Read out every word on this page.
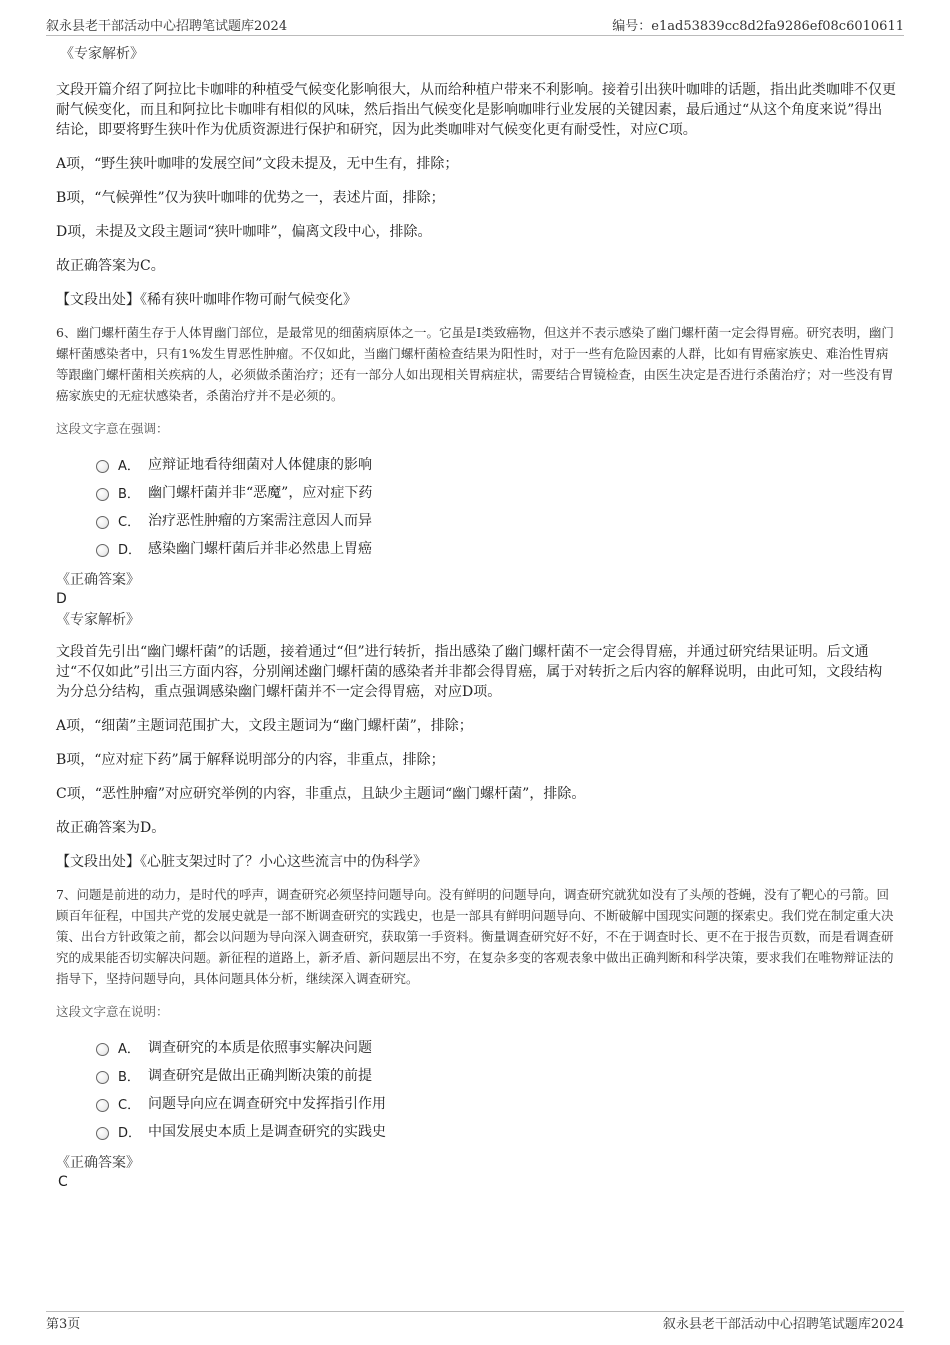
叙永县老干部活动中心招聘笔试题库2024	编号：e1ad53839cc8d2fa9286ef08c6010611
《专家解析》
文段开篇介绍了阿拉比卡咖啡的种植受气候变化影响很大，从而给种植户带来不利影响。接着引出狭叶咖啡的话题，指出此类咖啡不仅更耐气候变化，而且和阿拉比卡咖啡有相似的风味，然后指出气候变化是影响咖啡行业发展的关键因素，最后通过“从这个角度来说”得出结论，即要将野生狭叶作为优质资源进行保护和研究，因为此类咖啡对气候变化更有耐受性，对应C项。
A项，“野生狭叶咖啡的发展空间”文段未提及，无中生有，排除；
B项，“气候弹性”仅为狭叶咖啡的优势之一，表述片面，排除；
D项，未提及文段主题词“狭叶咖啡”，偏离文段中心，排除。
故正确答案为C。
【文段出处】《稀有狭叶咖啡作物可耐气候变化》
6、幽门螺杆菌生存于人体胃幽门部位，是最常见的细菌病原体之一。它虽是I类致癌物，但这并不表示感染了幽门螺杆菌一定会得胃癌。研究表明，幽门螺杆菌感染者中，只有1%发生胃恶性肿瘤。不仅如此，当幽门螺杆菌检查结果为阳性时，对于一些有危险因素的人群，比如有胃癌家族史、难治性胃病等跟幽门螺杆菌相关疾病的人，必须做杀菌治疗；还有一部分人如出现相关胃病症状，需要结合胃镜检查，由医生决定是否进行杀菌治疗；对一些没有胃癌家族史的无症状感染者，杀菌治疗并不是必须的。
这段文字意在强调：
A． 应辩证地看待细菌对人体健康的影响
B． 幽门螺杆菌并非“恶魔”，应对症下药
C． 治疗恶性肿瘤的方案需注意因人而异
D． 感染幽门螺杆菌后并非必然患上胃癌
《正确答案》
D
《专家解析》
文段首先引出“幽门螺杆菌”的话题，接着通过“但”进行转折，指出感染了幽门螺杆菌不一定会得胃癌，并通过研究结果证明。后文通过“不仅如此”引出三方面内容，分别阐述幽门螺杆菌的感染者并非都会得胃癌，属于对转折之后内容的解释说明，由此可知，文段结构为分总分结构，重点强调感染幽门螺杆菌并不一定会得胃癌，对应D项。
A项，“细菌”主题词范围扩大，文段主题词为“幽门螺杆菌”，排除；
B项，“应对症下药”属于解释说明部分的内容，非重点，排除；
C项，“恶性肿瘤”对应研究举例的内容，非重点，且缺少主题词“幽门螺杆菌”，排除。
故正确答案为D。
【文段出处】《心脏支架过时了？小心这些流言中的伪科学》
7、问题是前进的动力，是时代的呼声，调查研究必须坚持问题导向。没有鲜明的问题导向，调查研究就犹如没有了头颅的苍蝇，没有了靶心的弓箭。回顾百年征程，中国共产党的发展史就是一部不断调查研究的实践史，也是一部具有鲜明问题导向、不断破解中国现实问题的探索史。我们党在制定重大决策、出台方针政策之前，都会以问题为导向深入调查研究，获取第一手资料。衡量调查研究好不好，不在于调查时长、更不在于报告页数，而是看调查研究的成果能否切实解决问题。新征程的道路上，新矛盾、新问题层出不穷，在复杂多变的客观表象中做出正确判断和科学决策，要求我们在唯物辩证法的指导下，坚持问题导向，具体问题具体分析，继续深入调查研究。
这段文字意在说明：
A． 调查研究的本质是依照事实解决问题
B． 调查研究是做出正确判断决策的前提
C． 问题导向应在调查研究中发挥指引作用
D． 中国发展史本质上是调查研究的实践史
《正确答案》
C
第3页	叙永县老干部活动中心招聘笔试题库2024
